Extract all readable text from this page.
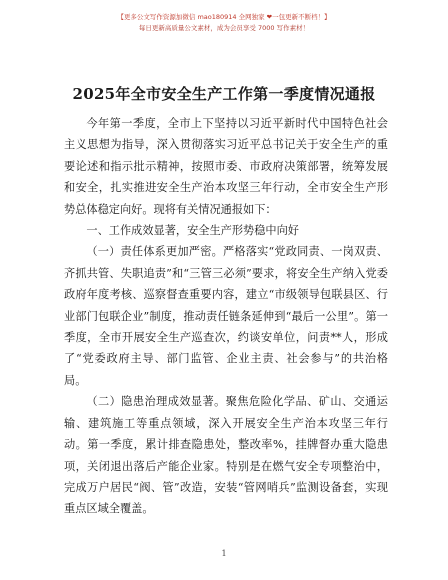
【更多公文写作资源加微信 mao180914 全网独家 ❤一包更新不断档！】
每日更新高质量公文素材，成为会员享受 7000 写作素材！
2025年全市安全生产工作第一季度情况通报

今年第一季度，全市上下坚持以习近平新时代中国特色社会主义思想为指导，深入贯彻落实习近平总书记关于安全生产的重要论述和指示批示精神，按照市委、市政府决策部署，统筹发展和安全，扎实推进安全生产治本攻坚三年行动，全市安全生产形势总体稳定向好。现将有关情况通报如下：

一、工作成效显著，安全生产形势稳中向好

（一）责任体系更加严密。严格落实“党政同责、一岗双责、齐抓共管、失职追责”和“三管三必须”要求，将安全生产纳入党委政府年度考核、巡察督查重要内容，建立“市级领导包联县区、行业部门包联企业”制度，推动责任链条延伸到“最后一公里”。第一季度，全市开展安全生产巡查次，约谈安单位，问责**人，形成了“党委政府主导、部门监管、企业主责、社会参与”的共治格局。

（二）隐患治理成效显著。聚焦危险化学品、矿山、交通运输、建筑施工等重点领域，深入开展安全生产治本攻坚三年行动。第一季度，累计排查隐患处，整改率%，挂牌督办重大隐患项，关闭退出落后产能企业家。特别是在燃气安全专项整治中，完成万户居民“阀、管”改造，安装“管网哨兵”监测设备套，实现重点区域全覆盖。

1
